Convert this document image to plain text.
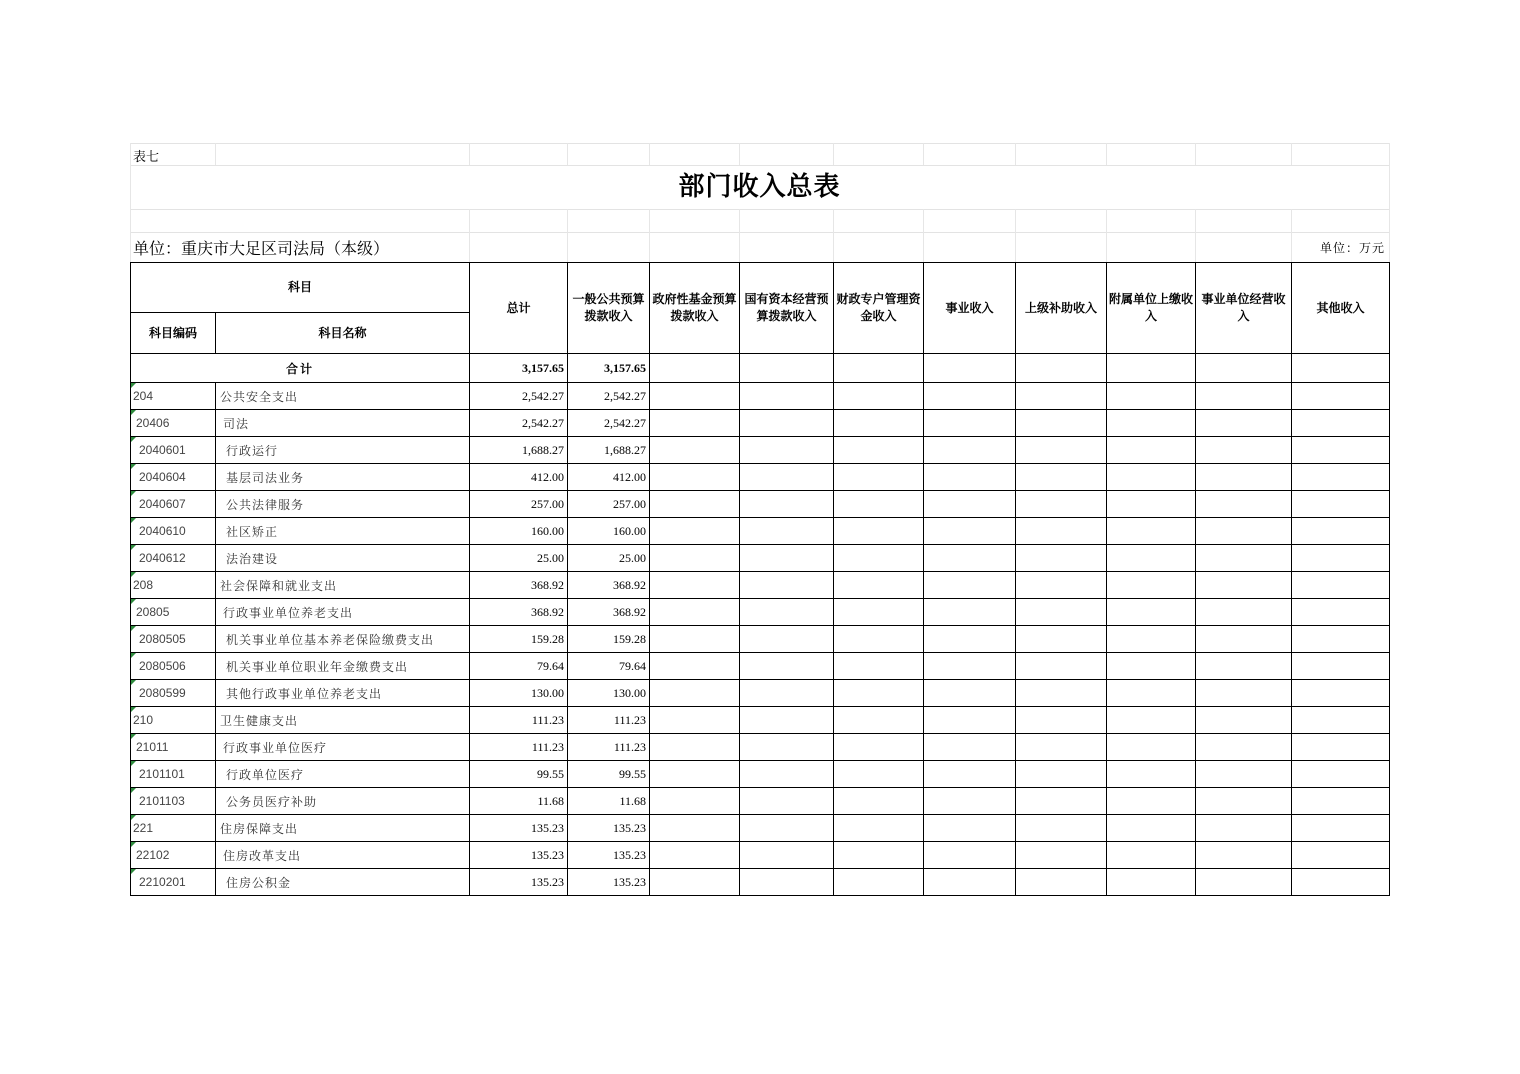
表七
部门收入总表
单位：重庆市大足区司法局（本级）	单位：万元
科目		总计	一般公共预算拨款收入	政府性基金预算拨款收入	国有资本经营预算拨款收入	财政专户管理资金收入	事业收入	上级补助收入	附属单位上缴收入	事业单位经营收入	其他收入
科目编码	科目名称										
合计		3,157.65	3,157.65								
204	公共安全支出	2,542.27	2,542.27								
20406	司法	2,542.27	2,542.27								
2040601	行政运行	1,688.27	1,688.27								
2040604	基层司法业务	412.00	412.00								
2040607	公共法律服务	257.00	257.00								
2040610	社区矫正	160.00	160.00								
2040612	法治建设	25.00	25.00								
208	社会保障和就业支出	368.92	368.92								
20805	行政事业单位养老支出	368.92	368.92								
2080505	机关事业单位基本养老保险缴费支出	159.28	159.28								
2080506	机关事业单位职业年金缴费支出	79.64	79.64								
2080599	其他行政事业单位养老支出	130.00	130.00								
210	卫生健康支出	111.23	111.23								
21011	行政事业单位医疗	111.23	111.23								
2101101	行政单位医疗	99.55	99.55								
2101103	公务员医疗补助	11.68	11.68								
221	住房保障支出	135.23	135.23								
22102	住房改革支出	135.23	135.23								
2210201	住房公积金	135.23	135.23								
